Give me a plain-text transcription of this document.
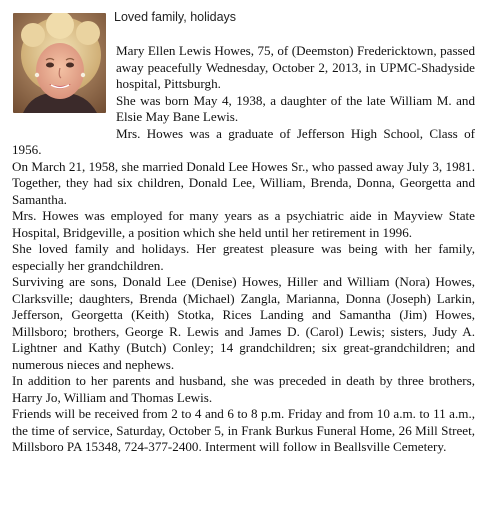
Loved family, holidays

Mary Ellen Lewis Howes, 75, of (Deemston) Fredericktown, passed away peacefully Wednesday, October 2, 2013, in UPMC-Shadyside hospital, Pittsburgh.

She was born May 4, 1938, a daughter of the late William M. and Elsie May Bane Lewis.

Mrs. Howes was a graduate of Jefferson High School, Class of 1956.

On March 21, 1958, she married Donald Lee Howes Sr., who passed away July 3, 1981. Together, they had six children, Donald Lee, William, Brenda, Donna, Georgetta and Samantha.

Mrs. Howes was employed for many years as a psychiatric aide in Mayview State Hospital, Bridgeville, a position which she held until her retirement in 1996.

She loved family and holidays. Her greatest pleasure was being with her family, especially her grandchildren.

Surviving are sons, Donald Lee (Denise) Howes, Hiller and William (Nora) Howes, Clarksville; daughters, Brenda (Michael) Zangla, Marianna, Donna (Joseph) Larkin, Jefferson, Georgetta (Keith) Stotka, Rices Landing and Samantha (Jim) Howes, Millsboro; brothers, George R. Lewis and James D. (Carol) Lewis; sisters, Judy A. Lightner and Kathy (Butch) Conley; 14 grandchildren; six great-grandchildren; and numerous nieces and nephews.

In addition to her parents and husband, she was preceded in death by three brothers, Harry Jo, William and Thomas Lewis.

Friends will be received from 2 to 4 and 6 to 8 p.m. Friday and from 10 a.m. to 11 a.m., the time of service, Saturday, October 5, in Frank Burkus Funeral Home, 26 Mill Street, Millsboro PA 15348, 724-377-2400. Interment will follow in Beallsville Cemetery.
